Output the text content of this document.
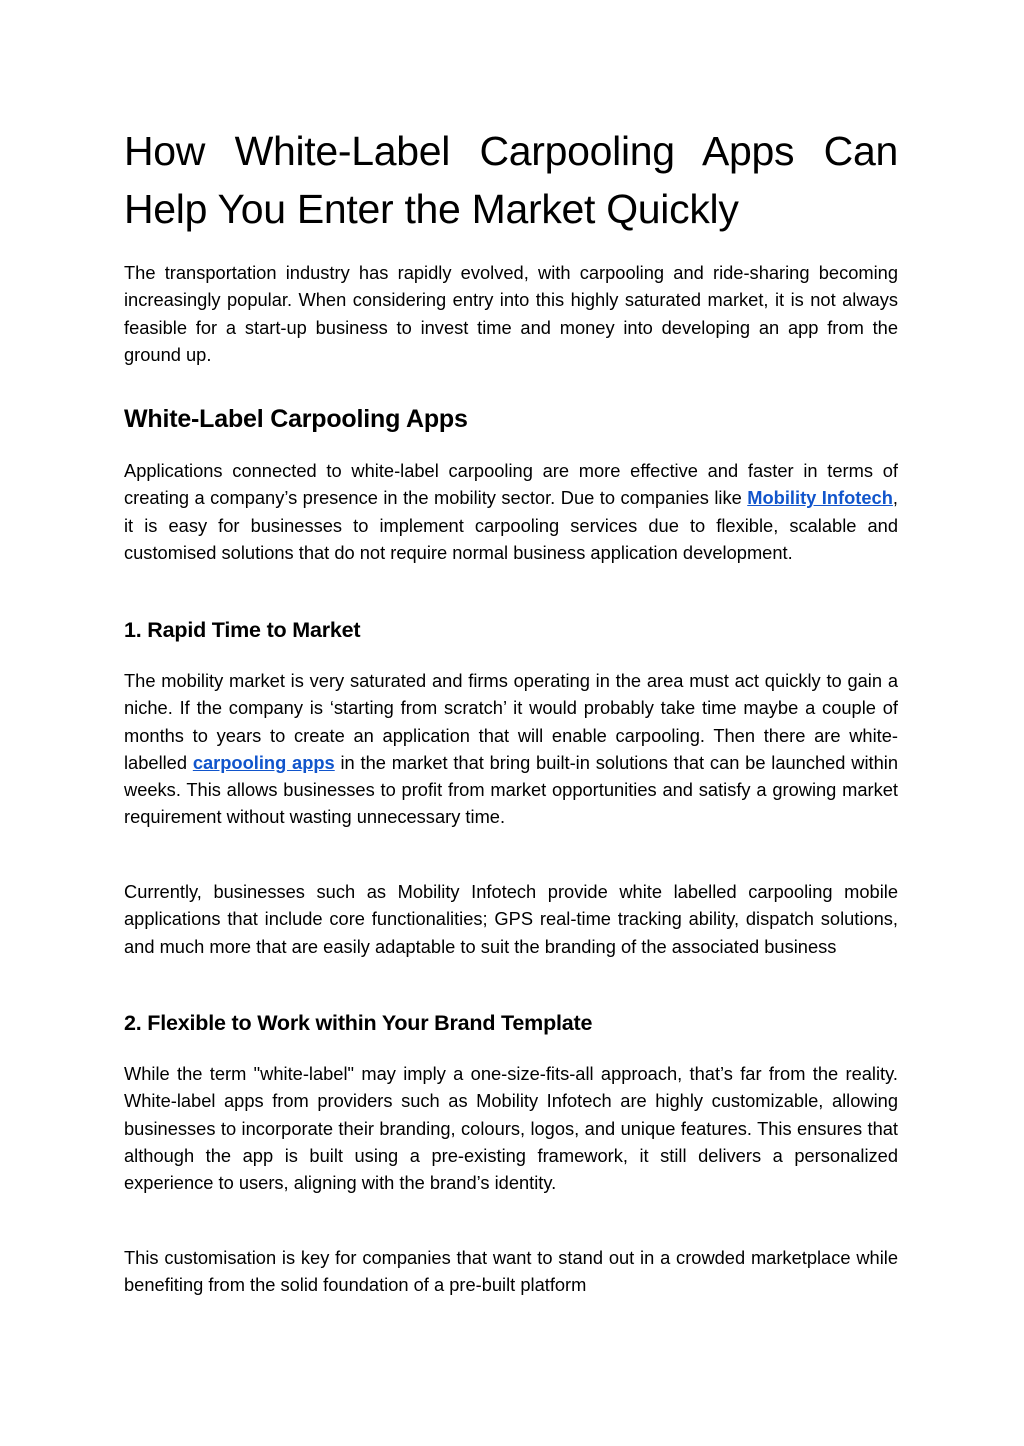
How White-Label Carpooling Apps Can Help You Enter the Market Quickly

The transportation industry has rapidly evolved, with carpooling and ride-sharing becoming increasingly popular. When considering entry into this highly saturated market, it is not always feasible for a start-up business to invest time and money into developing an app from the ground up.

White-Label Carpooling Apps

Applications connected to white-label carpooling are more effective and faster in terms of creating a company’s presence in the mobility sector. Due to companies like Mobility Infotech, it is easy for businesses to implement carpooling services due to flexible, scalable and customised solutions that do not require normal business application development.

1. Rapid Time to Market

The mobility market is very saturated and firms operating in the area must act quickly to gain a niche. If the company is ‘starting from scratch’ it would probably take time maybe a couple of months to years to create an application that will enable carpooling. Then there are white-labelled carpooling apps in the market that bring built-in solutions that can be launched within weeks. This allows businesses to profit from market opportunities and satisfy a growing market requirement without wasting unnecessary time.

Currently, businesses such as Mobility Infotech provide white labelled carpooling mobile applications that include core functionalities; GPS real-time tracking ability, dispatch solutions, and much more that are easily adaptable to suit the branding of the associated business

2. Flexible to Work within Your Brand Template

While the term "white-label" may imply a one-size-fits-all approach, that’s far from the reality. White-label apps from providers such as Mobility Infotech are highly customizable, allowing businesses to incorporate their branding, colours, logos, and unique features. This ensures that although the app is built using a pre-existing framework, it still delivers a personalized experience to users, aligning with the brand’s identity.

This customisation is key for companies that want to stand out in a crowded marketplace while benefiting from the solid foundation of a pre-built platform
